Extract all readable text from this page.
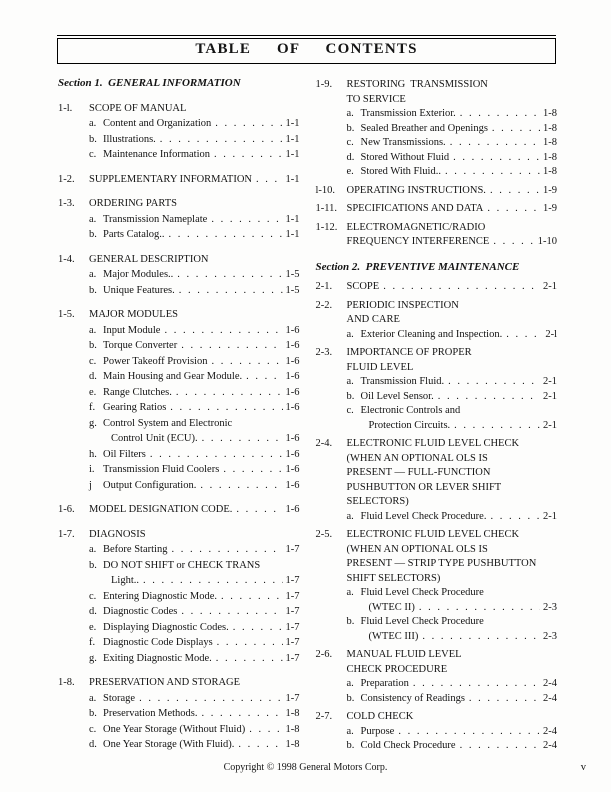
TABLE  OF  CONTENTS
Section 1.  GENERAL INFORMATION
1-l.	SCOPE OF MANUAL
a. Content and Organization . . .	1-1
b. Illustrations. . . .	1-1
c. Maintenance Information . . .	1-1
1-2.	SUPPLEMENTARY INFORMATION . . .	1-1
1-3.	ORDERING PARTS
a. Transmission Nameplate . . .	1-1
b. Parts Catalog.. . . .	1-1
1-4.	GENERAL DESCRIPTION
a. Major Modules.. . . .	1-5
b. Unique Features. . . .	1-5
1-5.	MAJOR MODULES
a. Input Module . . .	1-6
b. Torque Converter . . .	1-6
c. Power Takeoff Provision . . .	1-6
d. Main Housing and Gear Module. . . .	1-6
e. Range Clutches. . . .	1-6
f. Gearing Ratios . . .	1-6
g. Control System and Electronic
Control Unit (ECU). . . .	1-6
h. Oil Filters . . .	1-6
i. Transmission Fluid Coolers . . .	1-6
j	Output Configuration. . . .	1-6
1-6.	MODEL DESIGNATION CODE. . . .	1-6
1-7.	DIAGNOSIS
a. Before Starting . . .	1-7
b. DO NOT SHIFT or CHECK TRANS
Light.. . . .	1-7
c. Entering Diagnostic Mode. . . .	1-7
d. Diagnostic Codes . . .	1-7
e. Displaying Diagnostic Codes. . . .	1-7
f. Diagnostic Code Displays . . .	1-7
g. Exiting Diagnostic Mode. . . .	1-7
1-8.	PRESERVATION AND STORAGE
a. Storage . . .	1-7
b. Preservation Methods. . . .	1-8
c. One Year Storage (Without Fluid) . . .	1-8
d. One Year Storage (With Fluid). . . .	1-8
1-9.	RESTORING  TRANSMISSION
TO SERVICE
a. Transmission Exterior. . . .	1-8
b. Sealed Breather and Openings . . .	1-8
c. New Transmissions. . . .	1-8
d. Stored Without Fluid . . .	1-8
e. Stored With Fluid.. . . .	1-8
l-10.	OPERATING INSTRUCTIONS. . . .	1-9
1-11. SPECIFICATIONS AND DATA . . .	1-9
1-12. ELECTROMAGNETIC/RADIO
FREQUENCY INTERFERENCE . . .	1-10
Section 2.  PREVENTIVE MAINTENANCE
2-1.	SCOPE . . .	2-1
2-2.	PERIODIC INSPECTION
AND CARE
a. Exterior Cleaning and Inspection. . . .	2-l
2-3.	IMPORTANCE OF PROPER
FLUID LEVEL
a. Transmission Fluid. . . .	2-1
b. Oil Level Sensor. . . .	2-1
c. Electronic Controls and
Protection Circuits. . . .	2-1
2-4.	ELECTRONIC FLUID LEVEL CHECK
(WHEN AN OPTIONAL OLS IS
PRESENT — FULL-FUNCTION
PUSHBUTTON OR LEVER SHIFT
SELECTORS)
a. Fluid Level Check Procedure. . . .	2-1
2-5.	ELECTRONIC FLUID LEVEL CHECK
(WHEN AN OPTIONAL OLS IS
PRESENT — STRIP TYPE PUSHBUTTON
SHIFT SELECTORS)
a. Fluid Level Check Procedure
(WTEC II) . . .	2-3
b. Fluid Level Check Procedure
(WTEC III) . . .	2-3
2-6.	MANUAL FLUID LEVEL
CHECK PROCEDURE
a. Preparation . . .	2-4
b. Consistency of Readings . . .	2-4
2-7.	COLD CHECK
a. Purpose . . .	2-4
b. Cold Check Procedure . . .	2-4
Copyright © 1998 General Motors Corp.	v
